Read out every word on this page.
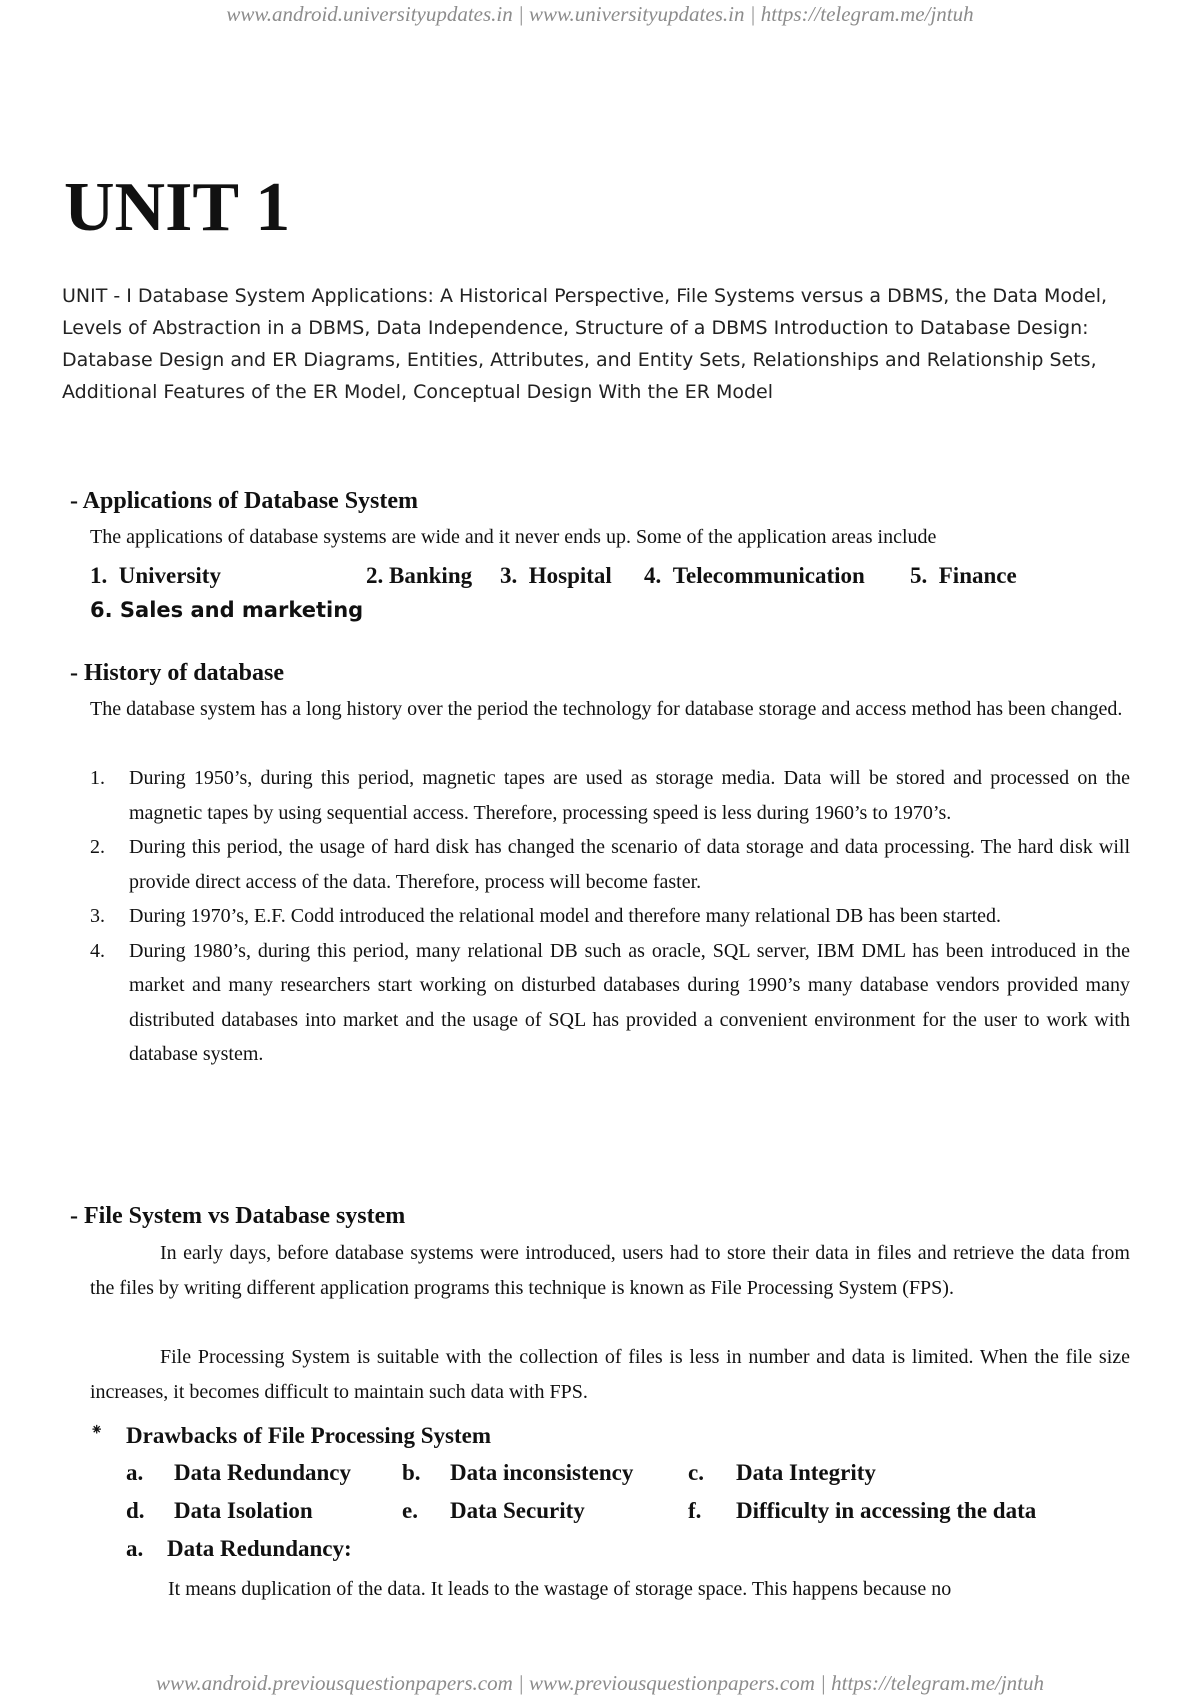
www.android.universityupdates.in | www.universityupdates.in | https://telegram.me/jntuh
UNIT 1
UNIT - I Database System Applications: A Historical Perspective, File Systems versus a DBMS, the Data Model, Levels of Abstraction in a DBMS, Data Independence, Structure of a DBMS Introduction to Database Design: Database Design and ER Diagrams, Entities, Attributes, and Entity Sets, Relationships and Relationship Sets, Additional Features of the ER Model, Conceptual Design With the ER Model
- Applications of Database System
The applications of database systems are wide and it never ends up. Some of the application areas include
1. University	2. Banking 3. Hospital 4. Telecommunication 5. Finance
6. Sales and marketing
- History of database
The database system has a long history over the period the technology for database storage and access method has been changed.
1. During 1950’s, during this period, magnetic tapes are used as storage media. Data will be stored and processed on the magnetic tapes by using sequential access. Therefore, processing speed is less during 1960’s to 1970’s.
2. During this period, the usage of hard disk has changed the scenario of data storage and data processing. The hard disk will provide direct access of the data. Therefore, process will become faster.
3. During 1970’s, E.F. Codd introduced the relational model and therefore many relational DB has been started.
4. During 1980’s, during this period, many relational DB such as oracle, SQL server, IBM DML has been introduced in the market and many researchers start working on disturbed databases during 1990’s many database vendors provided many distributed databases into market and the usage of SQL has provided a convenient environment for the user to work with database system.
- File System vs Database system
In early days, before database systems were introduced, users had to store their data in files and retrieve the data from the files by writing different application programs this technique is known as File Processing System (FPS).
File Processing System is suitable with the collection of files is less in number and data is limited. When the file size increases, it becomes difficult to maintain such data with FPS.
⁕ Drawbacks of File Processing System
a. Data Redundancy b. Data inconsistency c. Data Integrity
d. Data Isolation	e. Data Security	f. Difficulty in accessing the data
a. Data Redundancy:
It means duplication of the data. It leads to the wastage of storage space. This happens because no
www.android.previousquestionpapers.com | www.previousquestionpapers.com | https://telegram.me/jntuh
